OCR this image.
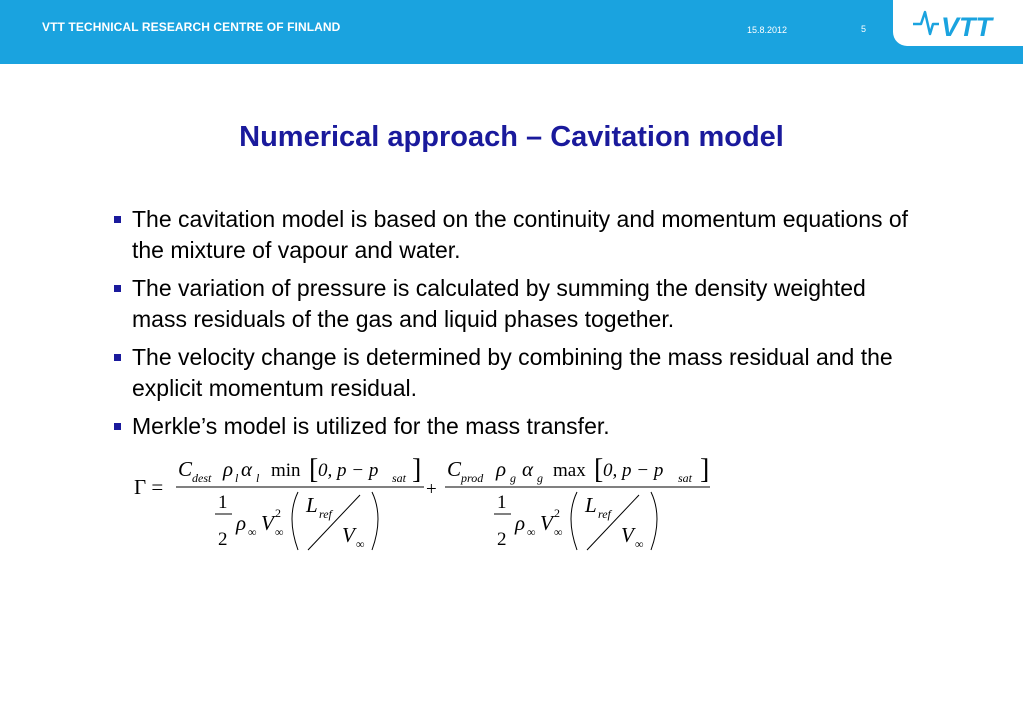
VTT TECHNICAL RESEARCH CENTRE OF FINLAND	15.8.2012	5	VTT
Numerical approach – Cavitation model
The cavitation model is based on the continuity and momentum equations of the mixture of vapour and water.
The variation of pressure is calculated by summing the density weighted mass residuals of the gas and liquid phases together.
The velocity change is determined by combining the mass residual and the explicit momentum residual.
Merkle’s model is utilized for the mass transfer.
Γ =
C dest ρ l α l min [ 0, p − p sat ]
1
2
ρ ∞ V 2
∞
L ref
V ∞
+
C prod ρ g α g max [ 0, p − p sat ]
1
2
ρ ∞ V 2
∞
L ref
V ∞
